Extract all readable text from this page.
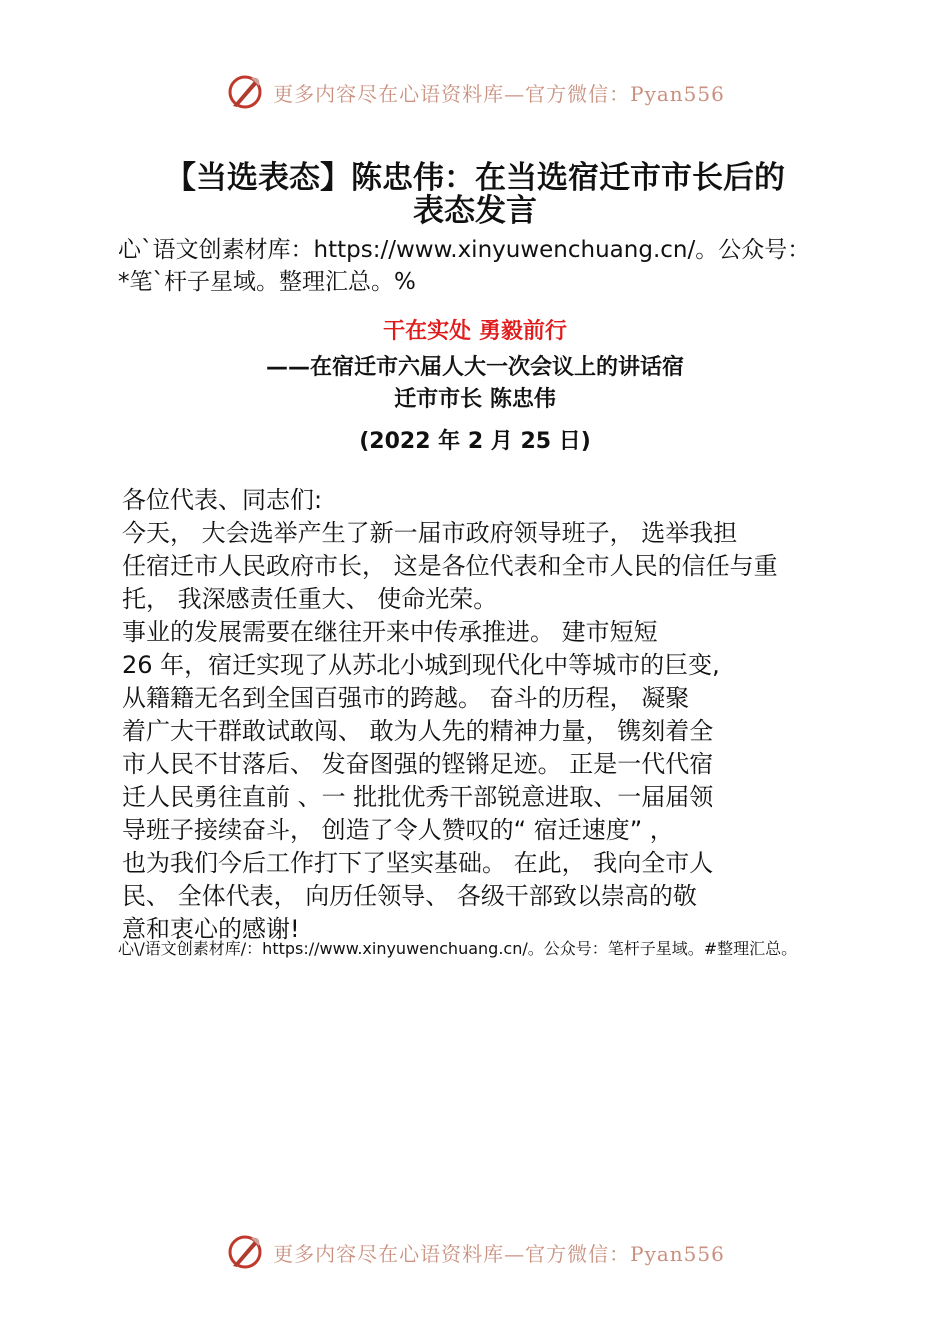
更多内容尽在心语资料库—官方微信：Pyan556
【当选表态】陈忠伟：在当选宿迁市市长后的
表态发言
心`语文创素材库：https://www.xinyuwenchuang.cn/。公众号：
*笔`杆子星域。整理汇总。%
干在实处 勇毅前行
——在宿迁市六届人大一次会议上的讲话宿
迁市市长 陈忠伟
(2022 年 2 月 25 日)
各位代表、同志们:
今天， 大会选举产生了新一届市政府领导班子， 选举我担
任宿迁市人民政府市长， 这是各位代表和全市人民的信任与重
托， 我深感责任重大、 使命光荣。
事业的发展需要在继往开来中传承推进。 建市短短
26 年，宿迁实现了从苏北小城到现代化中等城市的巨变,
从籍籍无名到全国百强市的跨越。 奋斗的历程， 凝聚
着广大干群敢试敢闯、 敢为人先的精神力量， 镌刻着全
市人民不甘落后、 发奋图强的铿锵足迹。 正是一代代宿
迁人民勇往直前 、一 批批优秀干部锐意进取、一届届领
导班子接续奋斗， 创造了令人赞叹的“ 宿迁速度” ，
也为我们今后工作打下了坚实基础。 在此， 我向全市人
民、 全体代表， 向历任领导、 各级干部致以崇高的敬
意和衷心的感谢!
心\/语文创素材库/：https://www.xinyuwenchuang.cn/。公众号：笔杆子星域。#整理汇总。
更多内容尽在心语资料库—官方微信：Pyan556
